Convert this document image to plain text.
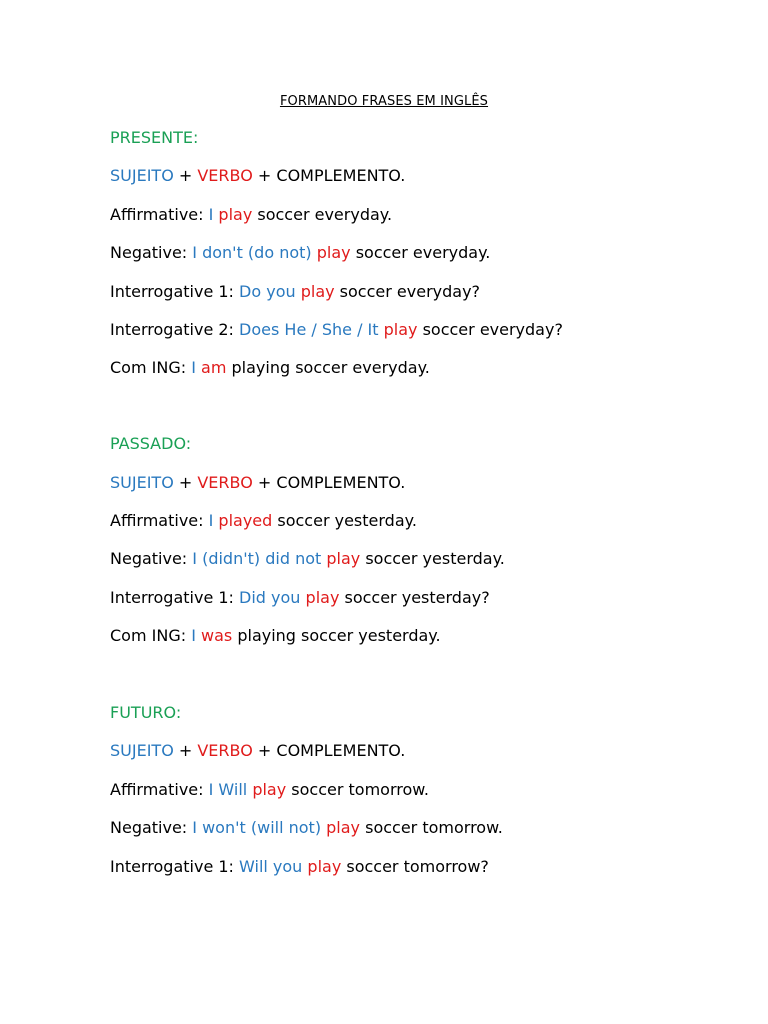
FORMANDO FRASES EM INGLÊS
PRESENTE:
SUJEITO + VERBO + COMPLEMENTO.
Affirmative: I play soccer everyday.
Negative: I don't (do not) play soccer everyday.
Interrogative 1: Do you play soccer everyday?
Interrogative 2: Does He / She / It play soccer everyday?
Com ING: I am playing soccer everyday.
PASSADO:
SUJEITO + VERBO + COMPLEMENTO.
Affirmative: I played soccer yesterday.
Negative: I (didn't) did not play soccer yesterday.
Interrogative 1: Did you play soccer yesterday?
Com ING: I was playing soccer yesterday.
FUTURO:
SUJEITO + VERBO + COMPLEMENTO.
Affirmative: I Will play soccer tomorrow.
Negative: I won't (will not) play soccer tomorrow.
Interrogative 1: Will you play soccer tomorrow?
